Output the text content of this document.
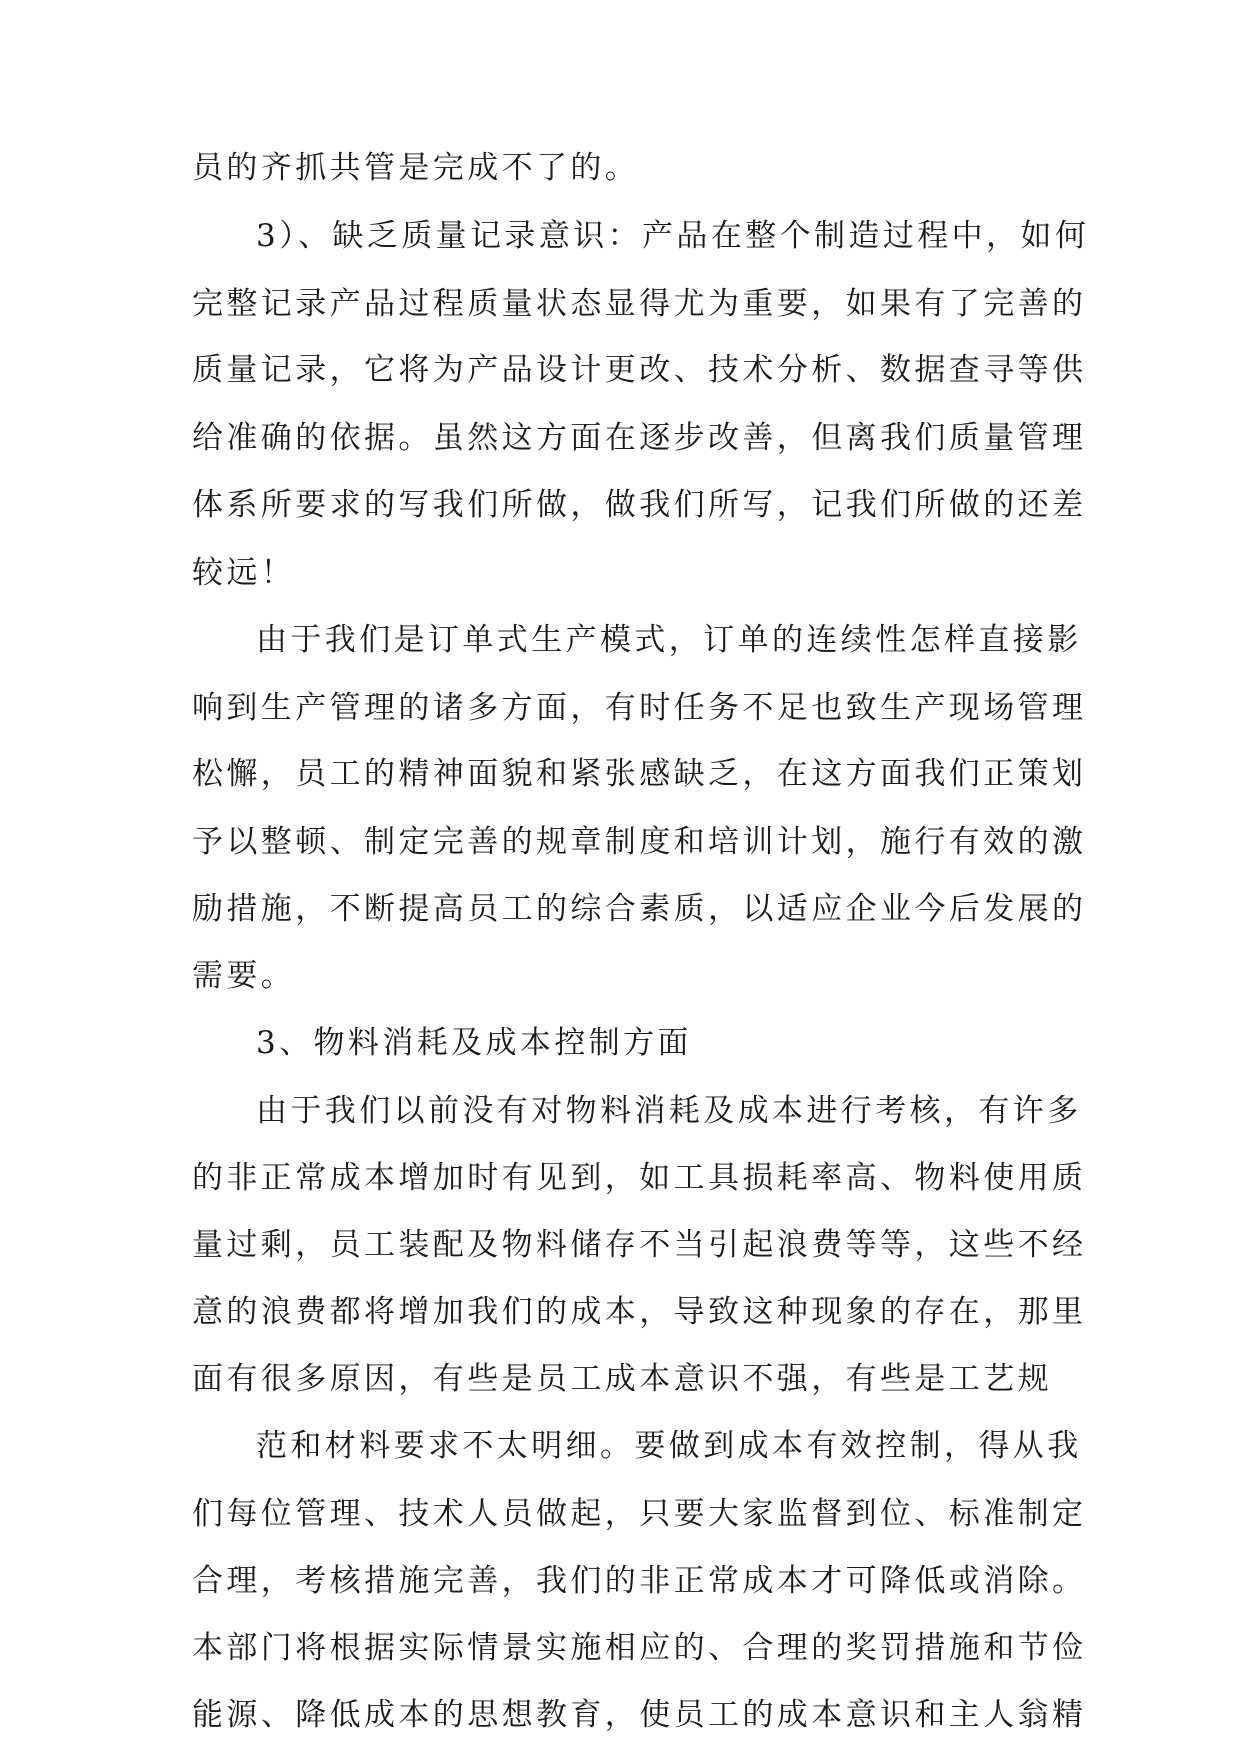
员的齐抓共管是完成不了的。
3）、缺乏质量记录意识：产品在整个制造过程中，如何
完整记录产品过程质量状态显得尤为重要，如果有了完善的
质量记录，它将为产品设计更改、技术分析、数据查寻等供
给准确的依据。虽然这方面在逐步改善，但离我们质量管理
体系所要求的写我们所做，做我们所写，记我们所做的还差
较远！
由于我们是订单式生产模式，订单的连续性怎样直接影
响到生产管理的诸多方面，有时任务不足也致生产现场管理
松懈，员工的精神面貌和紧张感缺乏，在这方面我们正策划
予以整顿、制定完善的规章制度和培训计划，施行有效的激
励措施，不断提高员工的综合素质，以适应企业今后发展的
需要。
3、物料消耗及成本控制方面
由于我们以前没有对物料消耗及成本进行考核，有许多
的非正常成本增加时有见到，如工具损耗率高、物料使用质
量过剩，员工装配及物料储存不当引起浪费等等，这些不经
意的浪费都将增加我们的成本，导致这种现象的存在，那里
面有很多原因，有些是员工成本意识不强，有些是工艺规
范和材料要求不太明细。要做到成本有效控制，得从我
们每位管理、技术人员做起，只要大家监督到位、标准制定
合理，考核措施完善，我们的非正常成本才可降低或消除。
本部门将根据实际情景实施相应的、合理的奖罚措施和节俭
能源、降低成本的思想教育，使员工的成本意识和主人翁精
